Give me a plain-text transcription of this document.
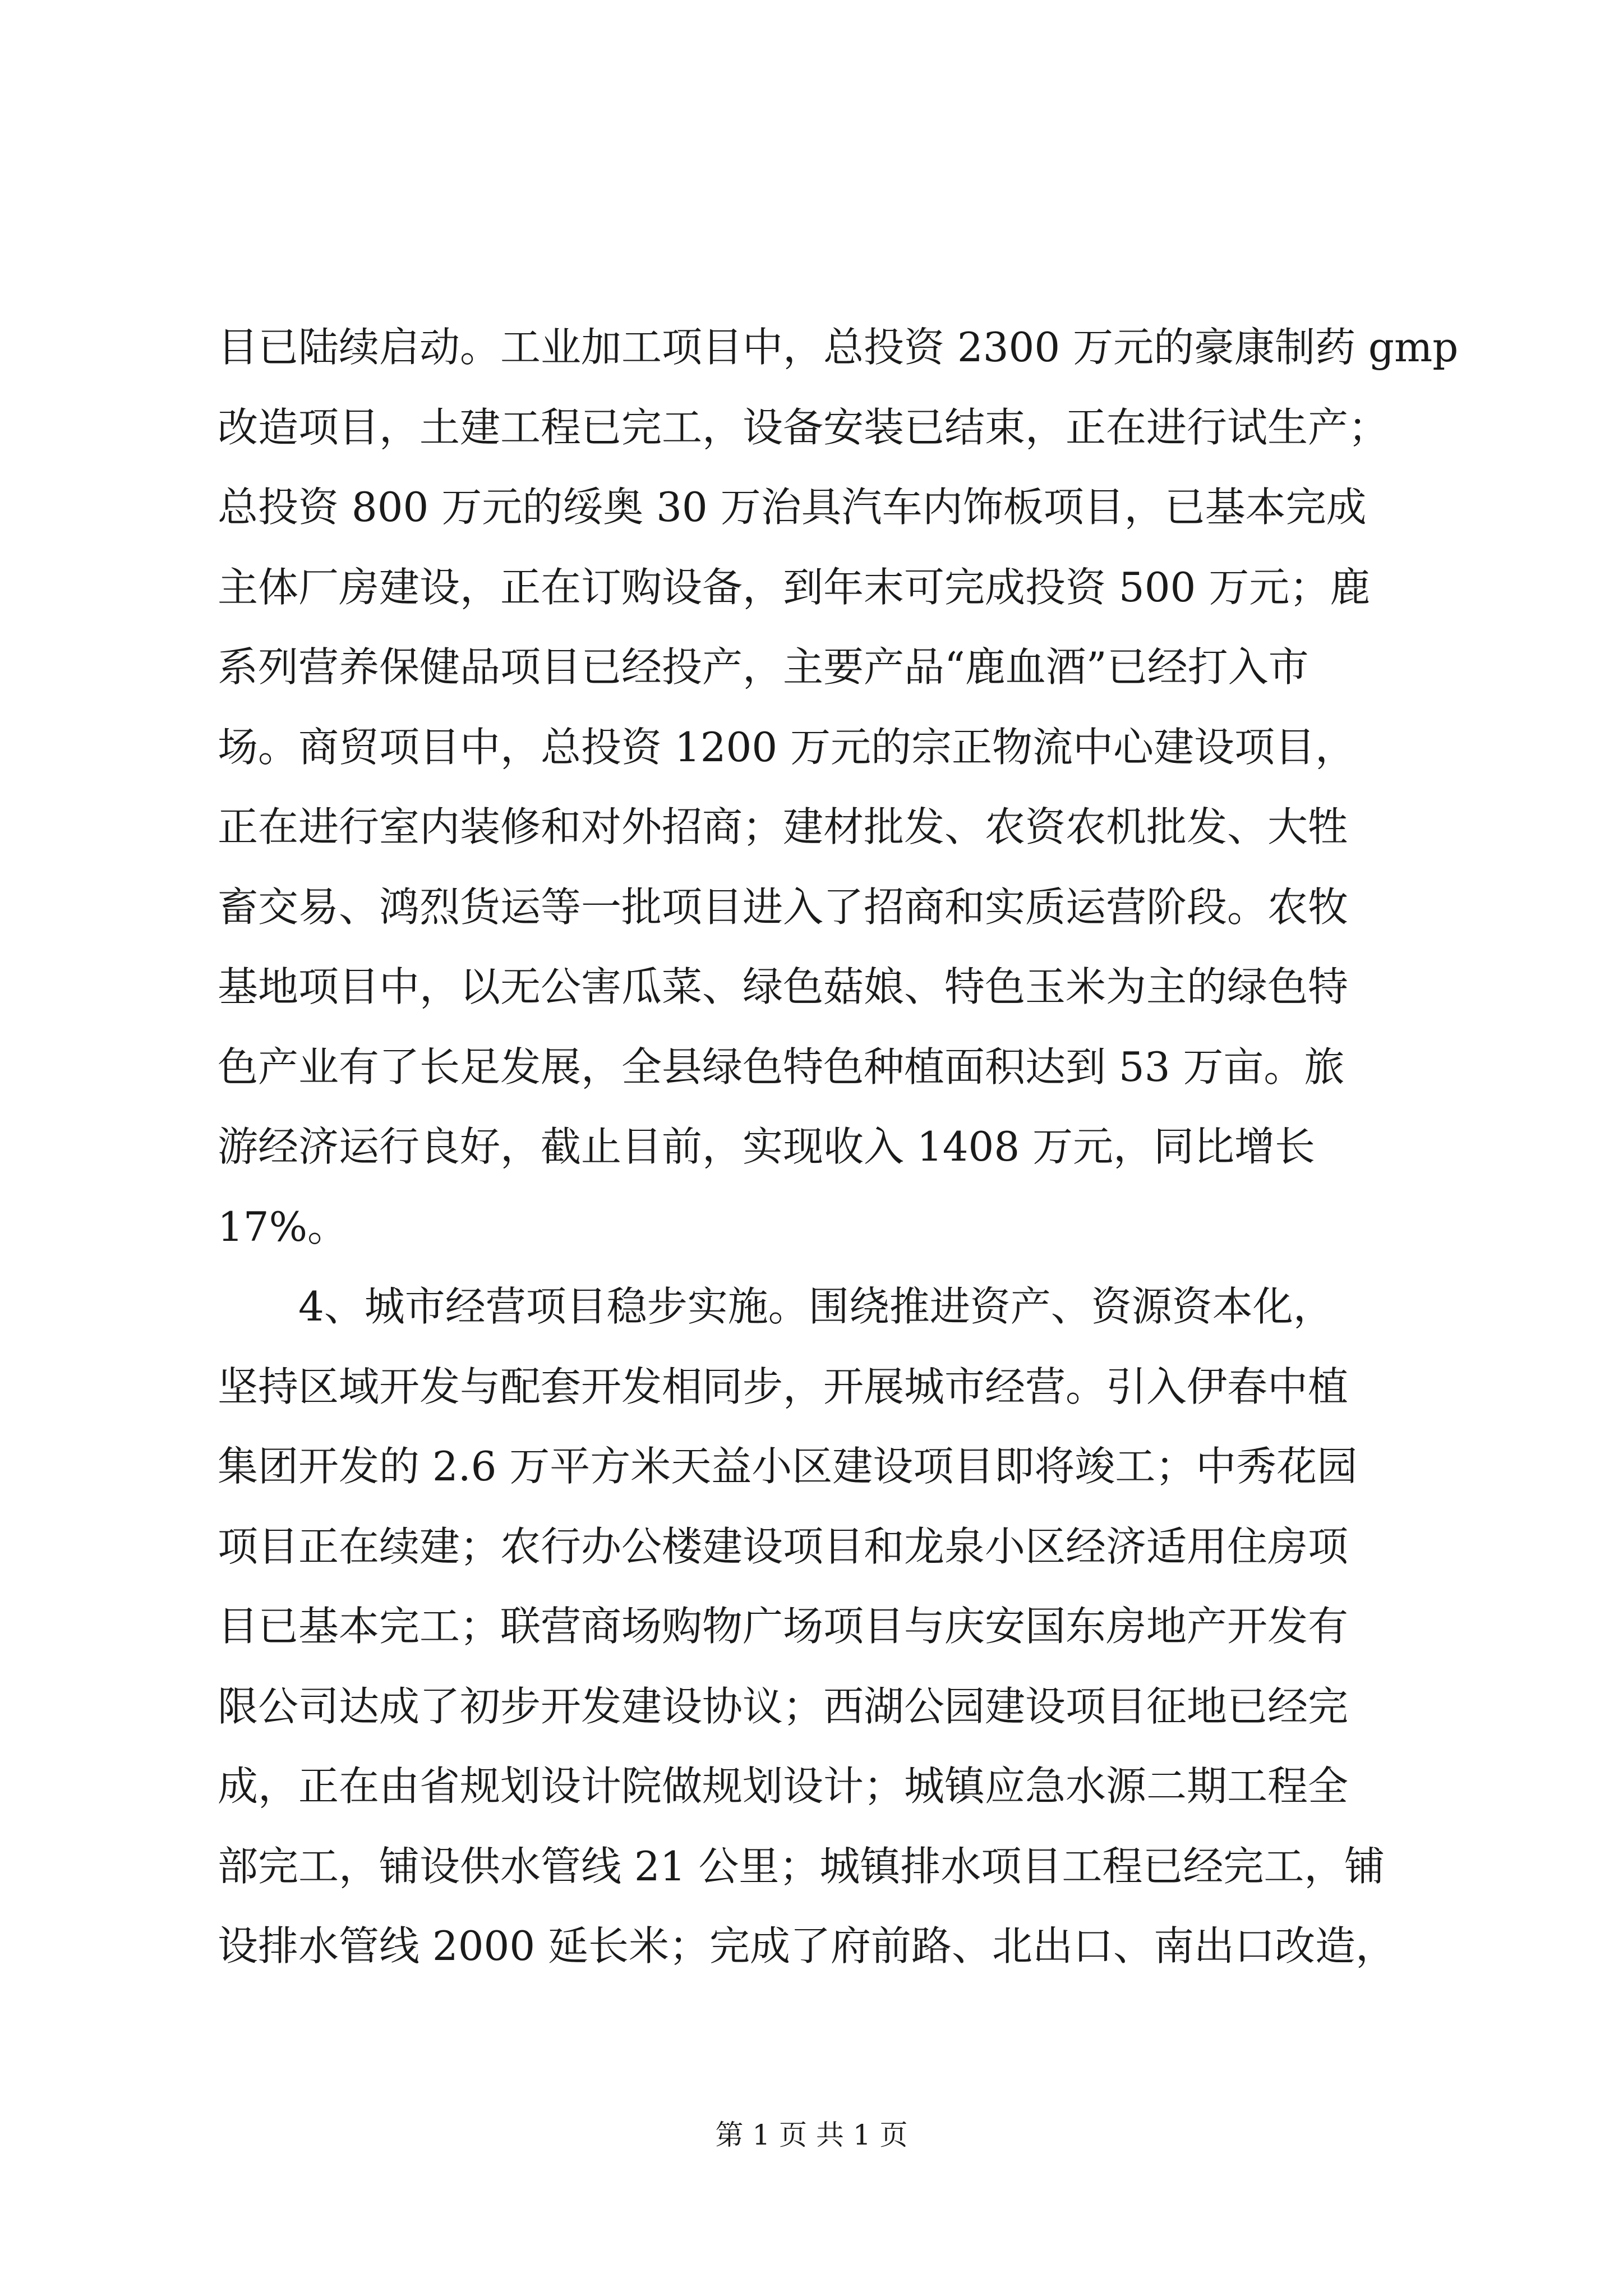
目已陆续启动。工业加工项目中，总投资 2300 万元的豪康制药 gmp
改造项目，土建工程已完工，设备安装已结束，正在进行试生产；
总投资 800 万元的绥奥 30 万治具汽车内饰板项目，已基本完成
主体厂房建设，正在订购设备，到年末可完成投资 500 万元；鹿
系列营养保健品项目已经投产，主要产品“鹿血酒”已经打入市
场。商贸项目中，总投资 1200 万元的宗正物流中心建设项目，
正在进行室内装修和对外招商；建材批发、农资农机批发、大牲
畜交易、鸿烈货运等一批项目进入了招商和实质运营阶段。农牧
基地项目中，以无公害瓜菜、绿色菇娘、特色玉米为主的绿色特
色产业有了长足发展，全县绿色特色种植面积达到 53 万亩。旅
游经济运行良好，截止目前，实现收入 1408 万元，同比增长
17%。
　　4、城市经营项目稳步实施。围绕推进资产、资源资本化，
坚持区域开发与配套开发相同步，开展城市经营。引入伊春中植
集团开发的 2.6 万平方米天益小区建设项目即将竣工；中秀花园
项目正在续建；农行办公楼建设项目和龙泉小区经济适用住房项
目已基本完工；联营商场购物广场项目与庆安国东房地产开发有
限公司达成了初步开发建设协议；西湖公园建设项目征地已经完
成，正在由省规划设计院做规划设计；城镇应急水源二期工程全
部完工，铺设供水管线 21 公里；城镇排水项目工程已经完工，铺
设排水管线 2000 延长米；完成了府前路、北出口、南出口改造，
第 1 页 共 1 页
